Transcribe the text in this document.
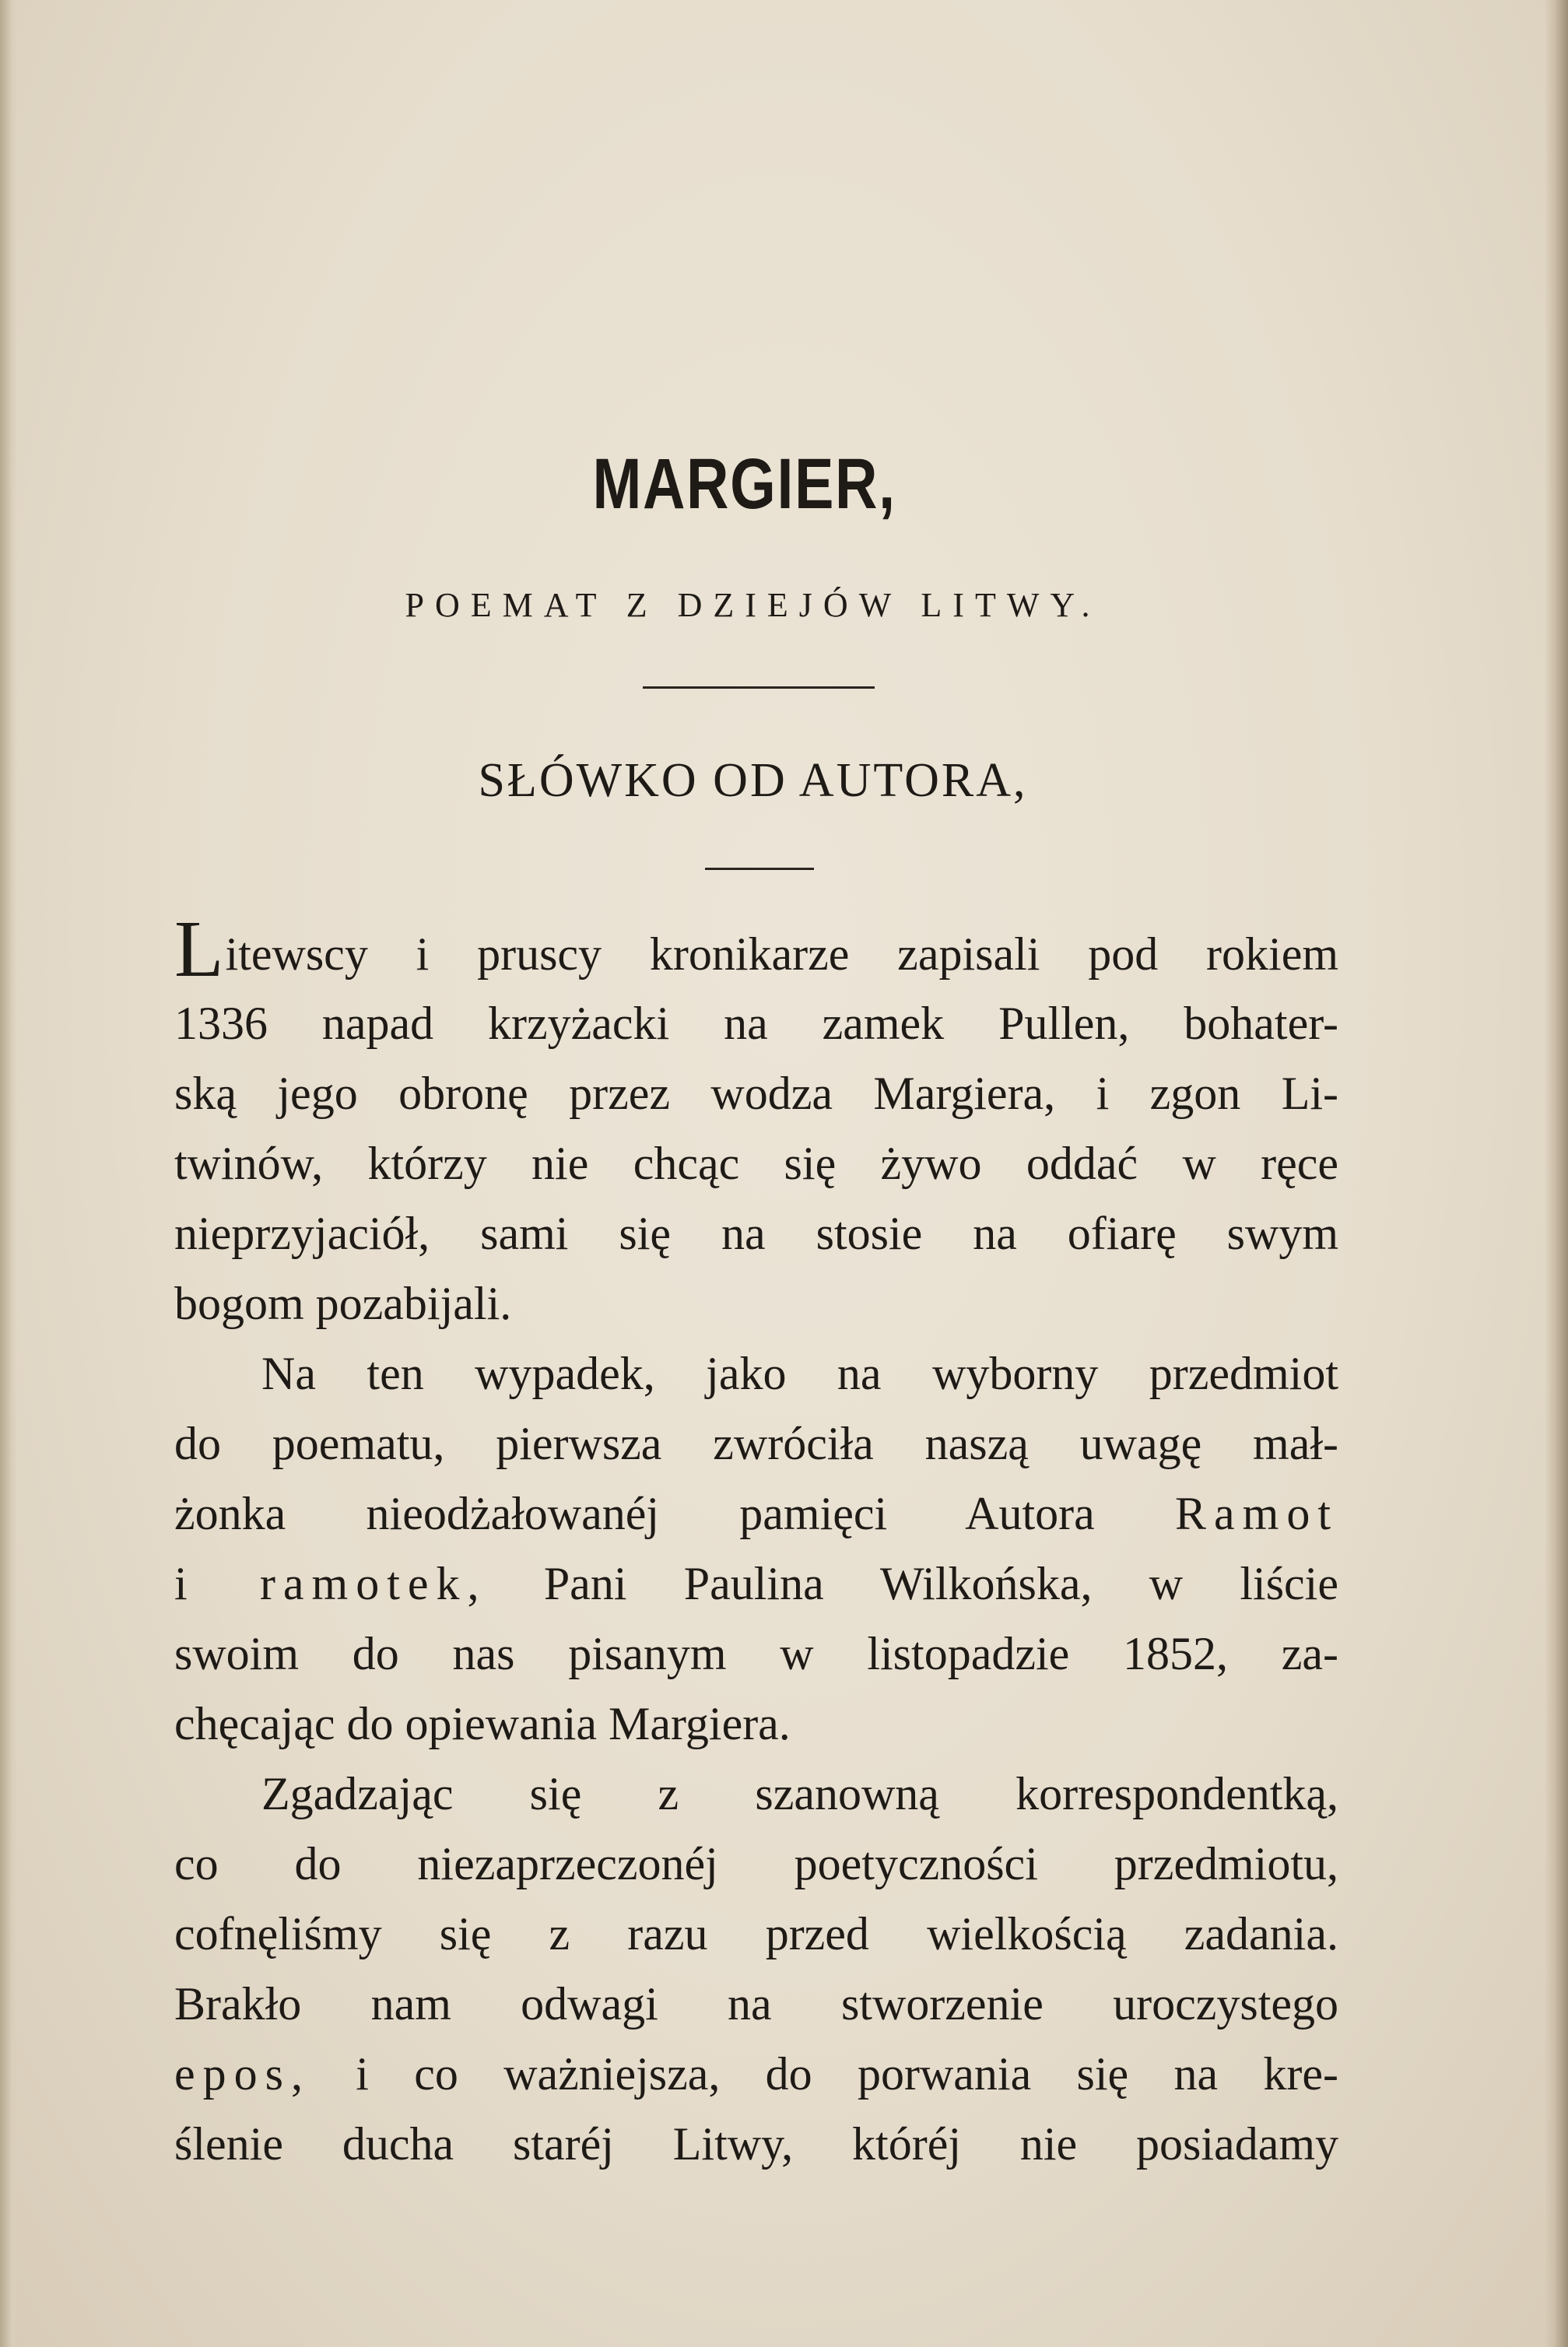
MARGIER,
POEMAT Z DZIEJÓW LITWY.
SŁÓWKO OD AUTORA,
Litewscy i pruscy kronikarze zapisali pod rokiem
1336 napad krzyżacki na zamek Pullen, bohater-
ską jego obronę przez wodza Margiera, i zgon Li-
twinów, którzy nie chcąc się żywo oddać w ręce
nieprzyjaciół, sami się na stosie na ofiarę swym
bogom pozabijali.
Na ten wypadek, jako na wyborny przedmiot
do poematu, pierwsza zwróciła naszą uwagę mał-
żonka nieodżałowanéj pamięci Autora Ramot
i ramotek, Pani Paulina Wilkońska, w liście
swoim do nas pisanym w listopadzie 1852, za-
chęcając do opiewania Margiera.
Zgadzając się z szanowną korrespondentką,
co do niezaprzeczonéj poetyczności przedmiotu,
cofnęliśmy się z razu przed wielkością zadania.
Brakło nam odwagi na stworzenie uroczystego
epos, i co ważniejsza, do porwania się na kre-
ślenie ducha staréj Litwy, któréj nie posiadamy
